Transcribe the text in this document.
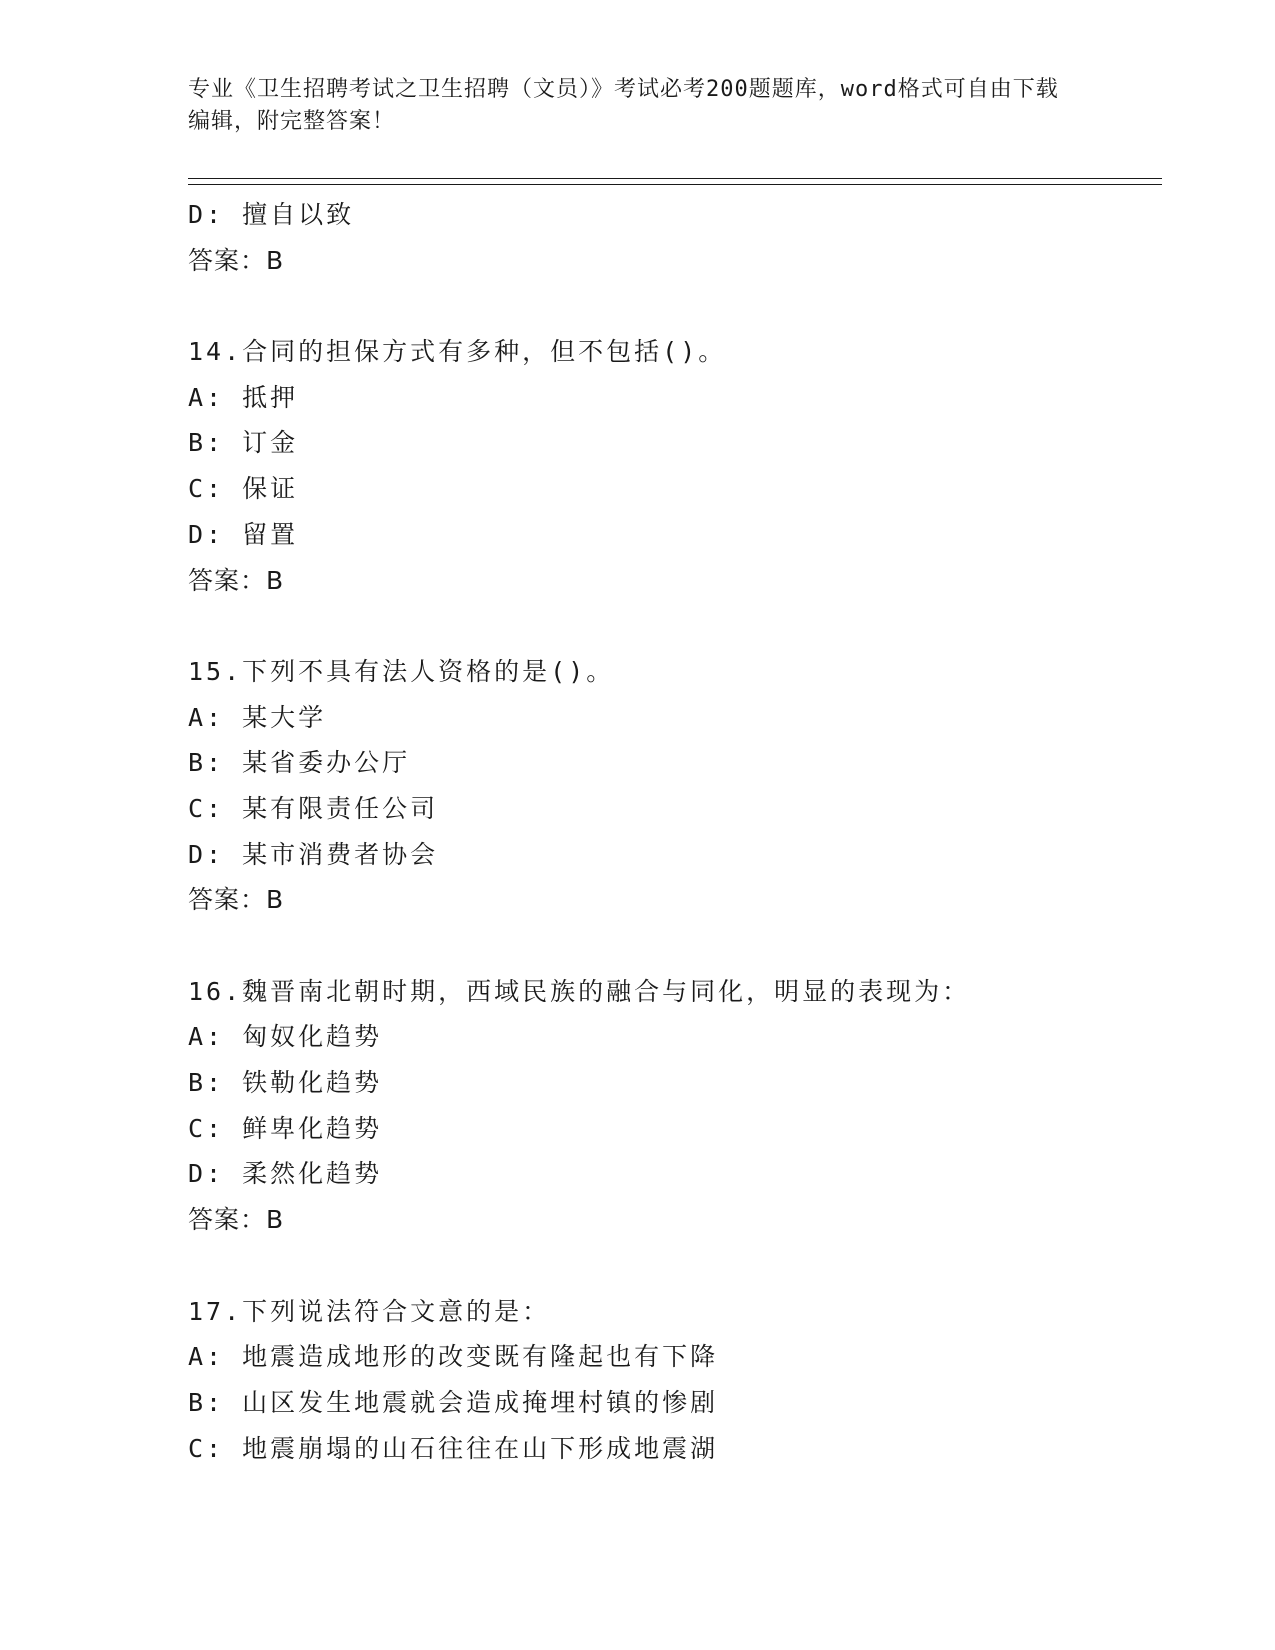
专业《卫生招聘考试之卫生招聘（文员）》考试必考200题题库，word格式可自由下载编辑，附完整答案！
D: 擅自以致
答案：B
14.合同的担保方式有多种，但不包括()。
A: 抵押
B: 订金
C: 保证
D: 留置
答案：B
15.下列不具有法人资格的是()。
A: 某大学
B: 某省委办公厅
C: 某有限责任公司
D: 某市消费者协会
答案：B
16.魏晋南北朝时期，西域民族的融合与同化，明显的表现为：
A: 匈奴化趋势
B: 铁勒化趋势
C: 鲜卑化趋势
D: 柔然化趋势
答案：B
17.下列说法符合文意的是：
A: 地震造成地形的改变既有隆起也有下降
B: 山区发生地震就会造成掩埋村镇的惨剧
C: 地震崩塌的山石往往在山下形成地震湖
